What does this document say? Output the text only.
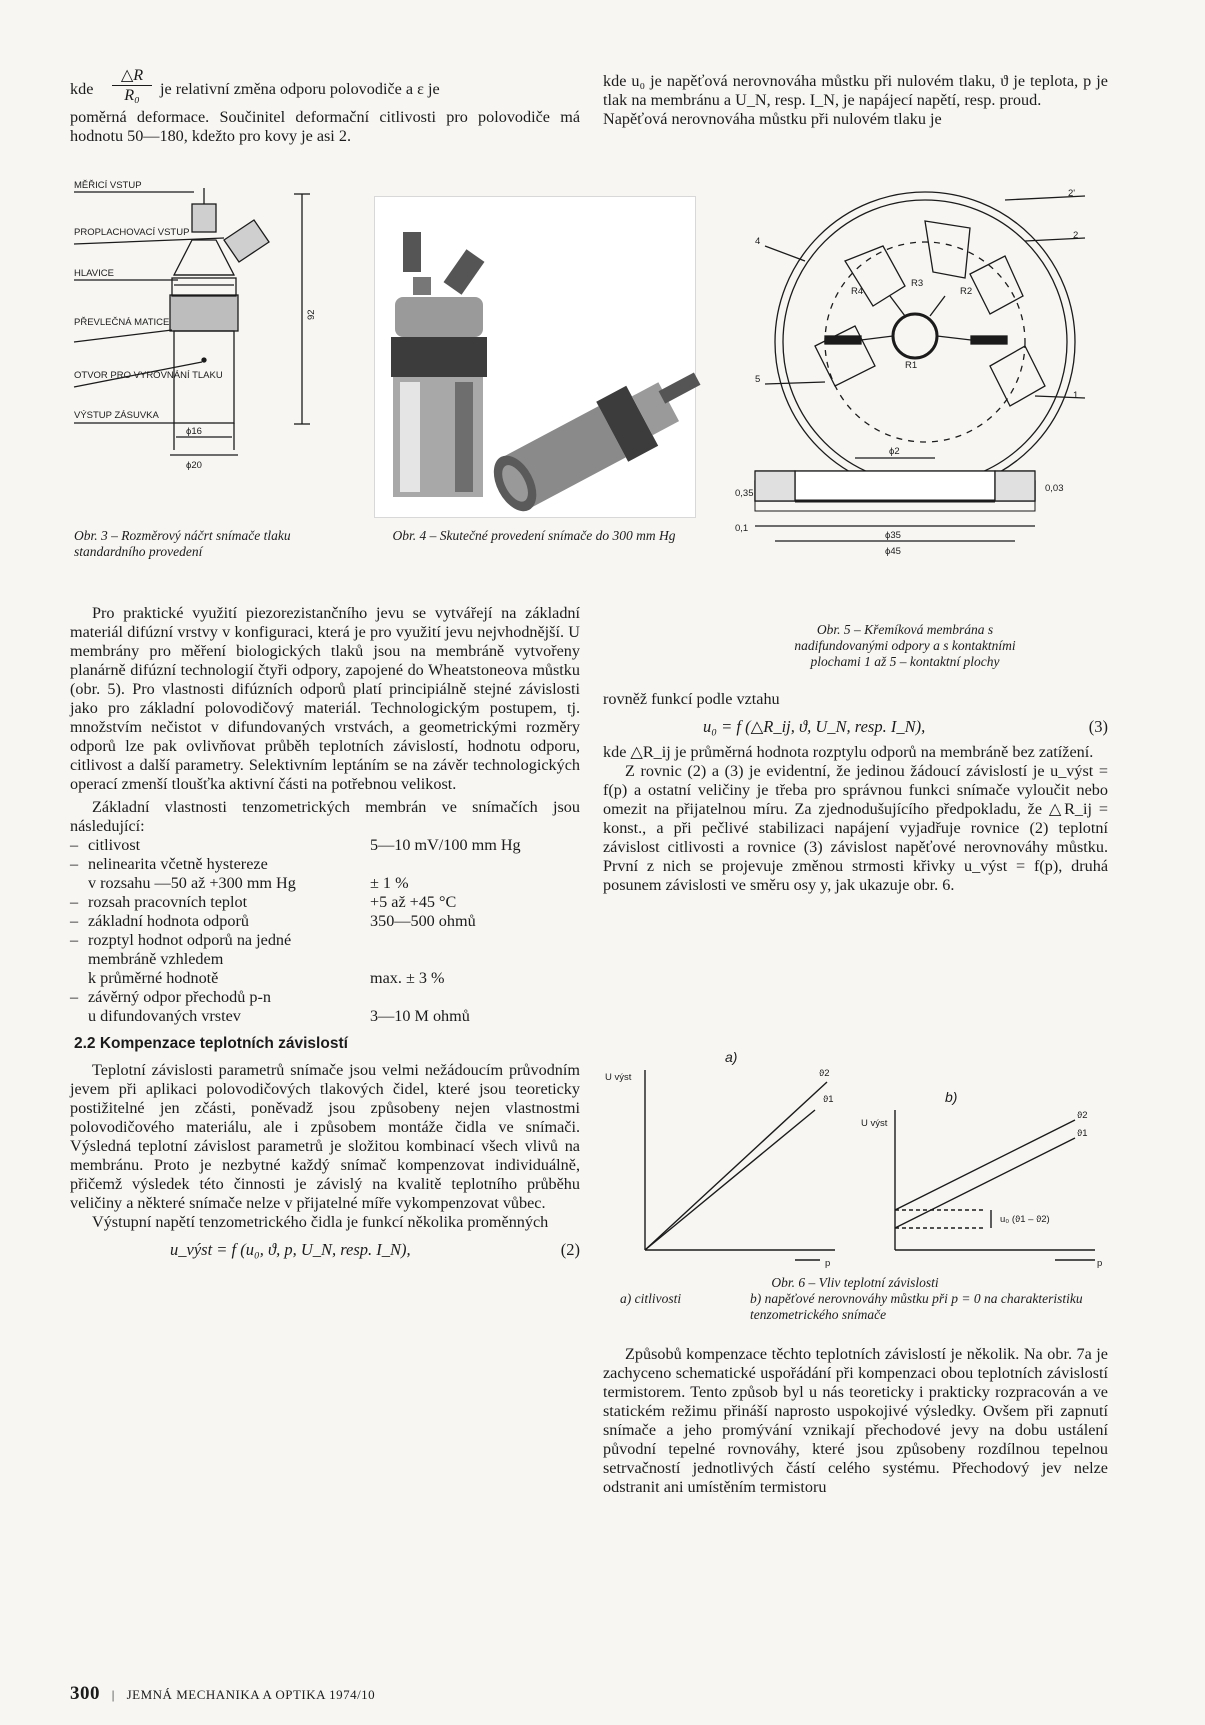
kde $\frac{\triangle R}{\text{R₀}}$ je relativní změna odporu polovodiče a ε je

poměrná deformace. Součinitel deformační citlivosti pro polovodiče má hodnotu 50—180, kdežto pro kovy je asi 2.

MĚŘICÍ VSTUP
PROPLACHOVACÍ VSTUP
HLAVICE
PŘEVLEČNÁ MATICE
OTVOR PRO VYROVNÁNÍ TLAKU
VÝSTUP ZÁSUVKA
92
ϕ16
ϕ20
Obr. 3 – Rozměrový náčrt snímače tlaku standardního provedení
Obr. 4 – Skutečné provedení snímače do 300 mm Hg

kde u₀ je napěťová nerovnováha můstku při nulovém tlaku, ϑ je teplota, p je tlak na membránu a U_N, resp. I_N, je napájecí napětí, resp. proud.

Napěťová nerovnováha můstku při nulovém tlaku je

2'
2
4
R4
R3
R2
R1
5
1
ϕ2
0,35	0,03
0,1
ϕ35
ϕ45
Obr. 5 – Křemíková membrána s nadifundovanými odpory a s kontaktními plochami 1 až 5 – kontaktní plochy

Pro praktické využití piezorezistančního jevu se vytvářejí na základní materiál difúzní vrstvy v konfiguraci, která je pro využití jevu nejvhodnější. U membrány pro měření biologických tlaků jsou na membráně vytvořeny planárně difúzní technologií čtyři odpory, zapojené do Wheatstoneova můstku (obr. 5). Pro vlastnosti difúzních odporů platí principiálně stejné závislosti jako pro základní polovodičový materiál. Technologickým postupem, tj. množstvím nečistot v difundovaných vrstvách, a geometrickými rozměry odporů lze pak ovlivňovat průběh teplotních závislostí, hodnotu odporu, citlivost a další parametry. Selektivním leptáním se na závěr technologických operací zmenší tloušťka aktivní části na potřebnou velikost.

Základní vlastnosti tenzometrických membrán ve snímačích jsou následující:

– citlivost	5—10 mV/100 mm Hg
– nelinearita včetně hystereze
v rozsahu —50 až +300 mm Hg	± 1 %
– rozsah pracovních teplot	+5 až +45 °C
– základní hodnota odporů	350—500 ohmů
– rozptyl hodnot odporů na jedné
membráně vzhledem
k průměrné hodnotě	max. ± 3 %
– závěrný odpor přechodů p-n
u difundovaných vrstev	3—10 M ohmů
2.2 Kompenzace teplotních závislostí

Teplotní závislosti parametrů snímače jsou velmi nežádoucím průvodním jevem při aplikaci polovodičových tlakových čidel, které jsou teoreticky postižitelné jen zčásti, poněvadž jsou způsobeny nejen vlastnostmi polovodičového materiálu, ale i způsobem montáže čidla ve snímači. Výsledná teplotní závislost parametrů je složitou kombinací všech vlivů na membránu. Proto je nezbytné každý snímač kompenzovat individuálně, přičemž výsledek této činnosti je závislý na kvalitě teplotního průběhu veličiny a některé snímače nelze v přijatelné míře vykompenzovat vůbec.

Výstupní napětí tenzometrického čidla je funkcí několika proměnných

u_výst = f (u₀, ϑ, p, U_N, resp. I_N),	(2)

rovněž funkcí podle vztahu

u₀ = f (△R_ij, ϑ, U_N, resp. I_N),	(3)

kde △R_ij je průměrná hodnota rozptylu odporů na membráně bez zatížení.

Z rovnic (2) a (3) je evidentní, že jedinou žádoucí závislostí je u_výst = f(p) a ostatní veličiny je třeba pro správnou funkci snímače vyloučit nebo omezit na přijatelnou míru. Za zjednodušujícího předpokladu, že △R_ij = konst., a při pečlivé stabilizaci napájení vyjadřuje rovnice (2) teplotní závislost citlivosti a rovnice (3) závislost napěťové nerovnováhy můstku. První z nich se projevuje změnou strmosti křivky u_výst = f(p), druhá posunem závislosti ve směru osy y, jak ukazuje obr. 6.

a)
b)
U výst
U výst
p	p
ϑ2
ϑ1
ϑ2
ϑ1
u₀ (ϑ1 – ϑ2)
Obr. 6 – Vliv teplotní závislosti
a) citlivosti	b) napěťové nerovnováhy můstku při p = 0 na charakteristiku tenzometrického snímače

Způsobů kompenzace těchto teplotních závislostí je několik. Na obr. 7a je zachyceno schematické uspořádání při kompenzaci obou teplotních závislostí termistorem. Tento způsob byl u nás teoreticky i prakticky rozpracován a ve statickém režimu přináší naprosto uspokojivé výsledky. Ovšem při zapnutí snímače a jeho promývání vznikají přechodové jevy na dobu ustálení původní tepelné rovnováhy, které jsou způsobeny rozdílnou tepelnou setrvačností jednotlivých částí celého systému. Přechodový jev nelze odstranit ani umístěním termistoru

300 | JEMNÁ MECHANIKA A OPTIKA 1974/10
